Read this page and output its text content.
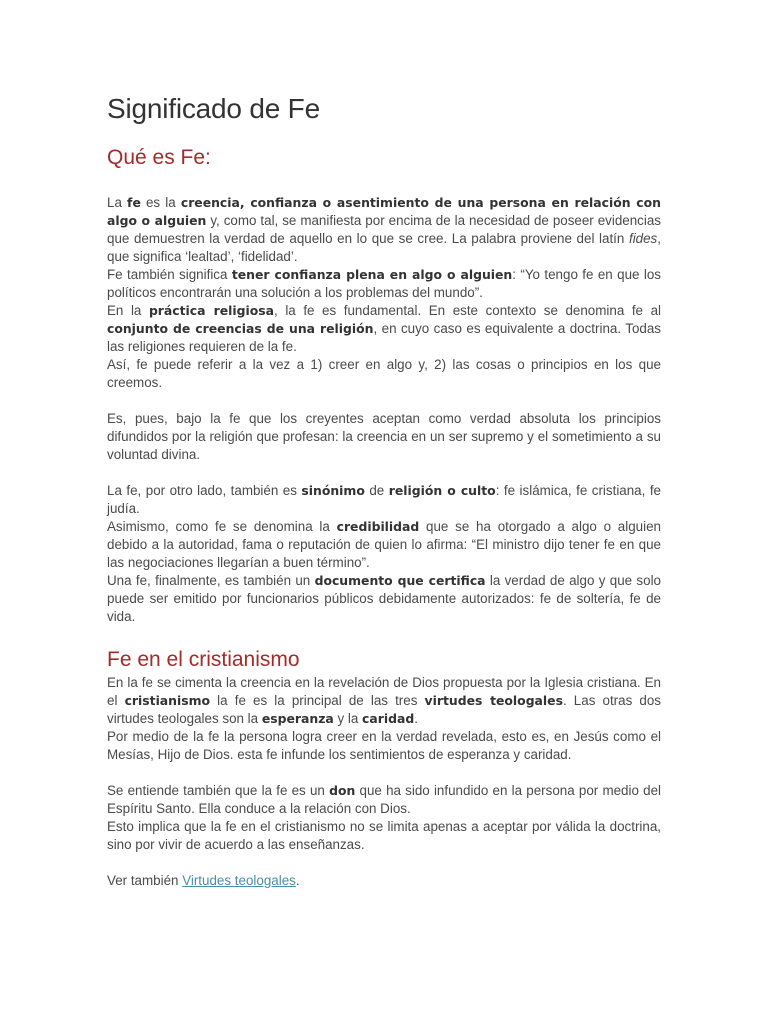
Significado de Fe
Qué es Fe:

La fe es la creencia, confianza o asentimiento de una persona en relación con algo o alguien y, como tal, se manifiesta por encima de la necesidad de poseer evidencias que demuestren la verdad de aquello en lo que se cree. La palabra proviene del latín fides, que significa ‘lealtad’, ‘fidelidad’.

Fe también significa tener confianza plena en algo o alguien: “Yo tengo fe en que los políticos encontrarán una solución a los problemas del mundo”.

En la práctica religiosa, la fe es fundamental. En este contexto se denomina fe al conjunto de creencias de una religión, en cuyo caso es equivalente a doctrina. Todas las religiones requieren de la fe.

Así, fe puede referir a la vez a 1) creer en algo y, 2) las cosas o principios en los que creemos.

Es, pues, bajo la fe que los creyentes aceptan como verdad absoluta los principios difundidos por la religión que profesan: la creencia en un ser supremo y el sometimiento a su voluntad divina.

La fe, por otro lado, también es sinónimo de religión o culto: fe islámica, fe cristiana, fe judía.

Asimismo, como fe se denomina la credibilidad que se ha otorgado a algo o alguien debido a la autoridad, fama o reputación de quien lo afirma: “El ministro dijo tener fe en que las negociaciones llegarían a buen término”.

Una fe, finalmente, es también un documento que certifica la verdad de algo y que solo puede ser emitido por funcionarios públicos debidamente autorizados: fe de soltería, fe de vida.

Fe en el cristianismo

En la fe se cimenta la creencia en la revelación de Dios propuesta por la Iglesia cristiana. En el cristianismo la fe es la principal de las tres virtudes teologales. Las otras dos virtudes teologales son la esperanza y la caridad.

Por medio de la fe la persona logra creer en la verdad revelada, esto es, en Jesús como el Mesías, Hijo de Dios. esta fe infunde los sentimientos de esperanza y caridad.

Se entiende también que la fe es un don que ha sido infundido en la persona por medio del Espíritu Santo. Ella conduce a la relación con Dios.

Esto implica que la fe en el cristianismo no se limita apenas a aceptar por válida la doctrina, sino por vivir de acuerdo a las enseñanzas.

Ver también Virtudes teologales.
